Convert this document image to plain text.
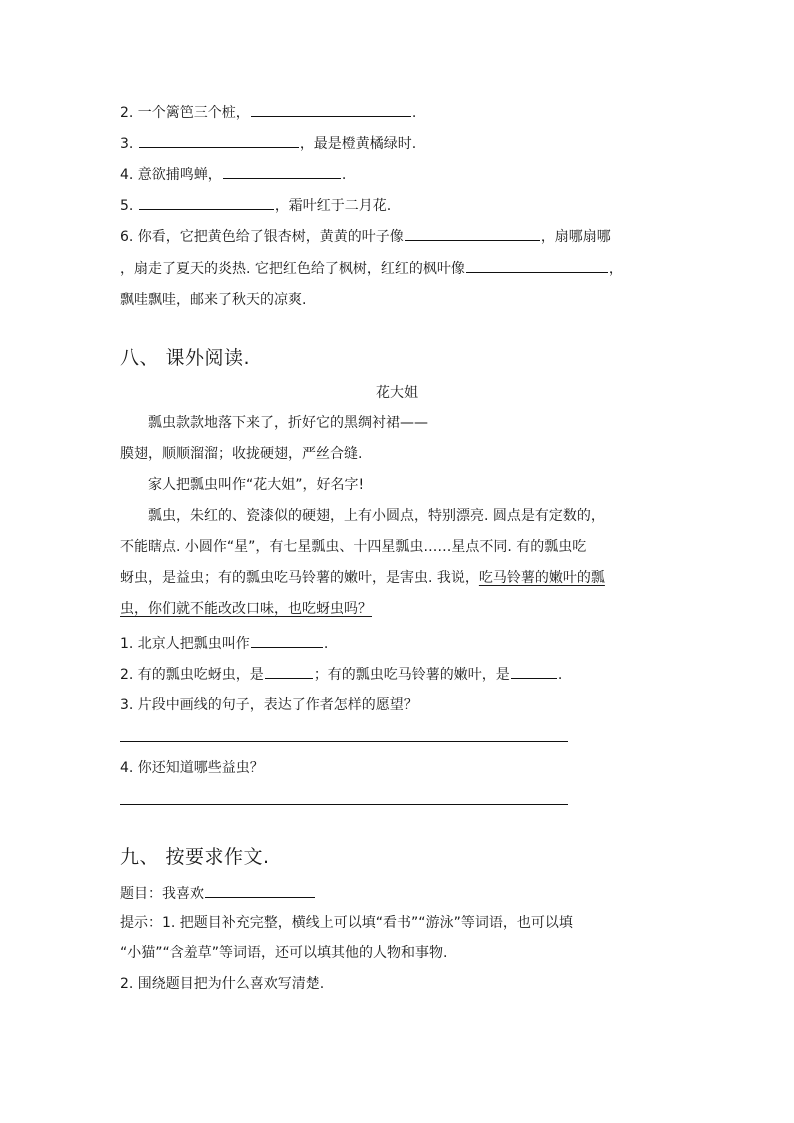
2. 一个篱笆三个桩，	.
3.	，最是橙黄橘绿时.
4. 意欲捕鸣蝉，	.
5.	，霜叶红于二月花.
6. 你看，它把黄色给了银杏树，黄黄的叶子像	，扇哪扇哪
，扇走了夏天的炎热. 它把红色给了枫树，红红的枫叶像	，
飘哇飘哇，邮来了秋天的凉爽.
八、 课外阅读.
花大姐
瓢虫款款地落下来了，折好它的黑绸衬裙——
膜翅，顺顺溜溜；收拢硬翅，严丝合缝.
家人把瓢虫叫作“花大姐”，好名字!
瓢虫，朱红的、瓷漆似的硬翅，上有小圆点，特别漂亮. 圆点是有定数的，
不能瞎点. 小圆作“星”，有七星瓢虫、十四星瓢虫……星点不同. 有的瓢虫吃
蚜虫，是益虫；有的瓢虫吃马铃薯的嫩叶，是害虫. 我说，吃马铃薯的嫩叶的瓢
虫，你们就不能改改口味，也吃蚜虫吗？
1. 北京人把瓢虫叫作	.
2. 有的瓢虫吃蚜虫，是	；有的瓢虫吃马铃薯的嫩叶，是	.
3. 片段中画线的句子，表达了作者怎样的愿望？
4. 你还知道哪些益虫？
九、 按要求作文.
题目：我喜欢
提示：1. 把题目补充完整，横线上可以填“看书”“游泳”等词语，也可以填
“小猫”“含羞草”等词语，还可以填其他的人物和事物.
2. 围绕题目把为什么喜欢写清楚.
